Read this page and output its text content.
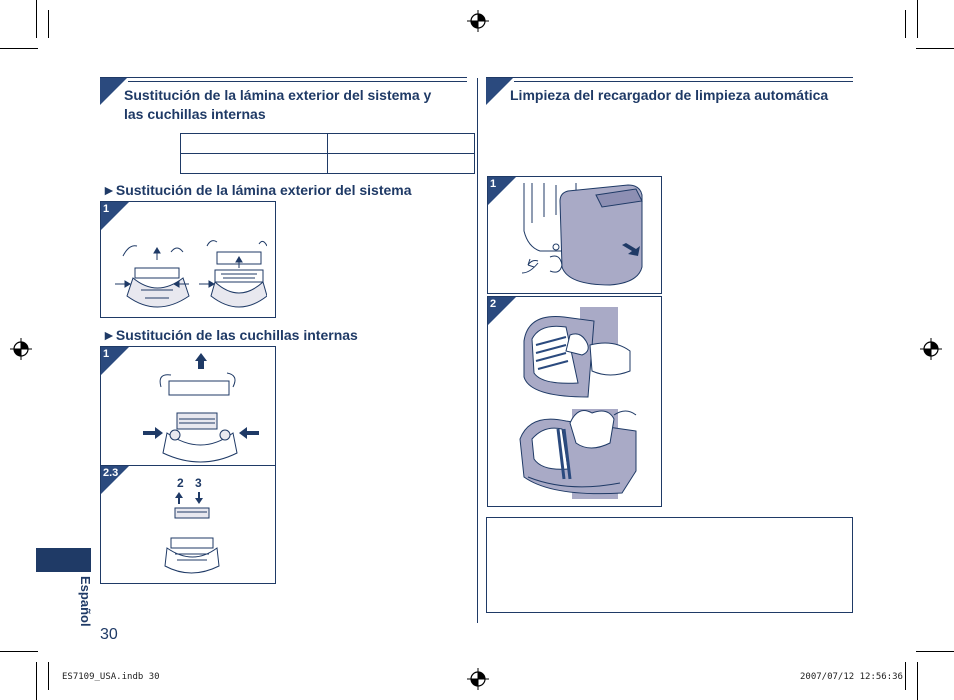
Sustitución de la lámina exterior del sistema y las cuchillas internas

►Sustitución de la lámina exterior del sistema
1
►Sustitución de las cuchillas internas
1
2.3
2 3
Limpieza del recargador de limpieza automática
1
2
Español
30
ES7109_USA.indb 30	2007/07/12 12:56:36
